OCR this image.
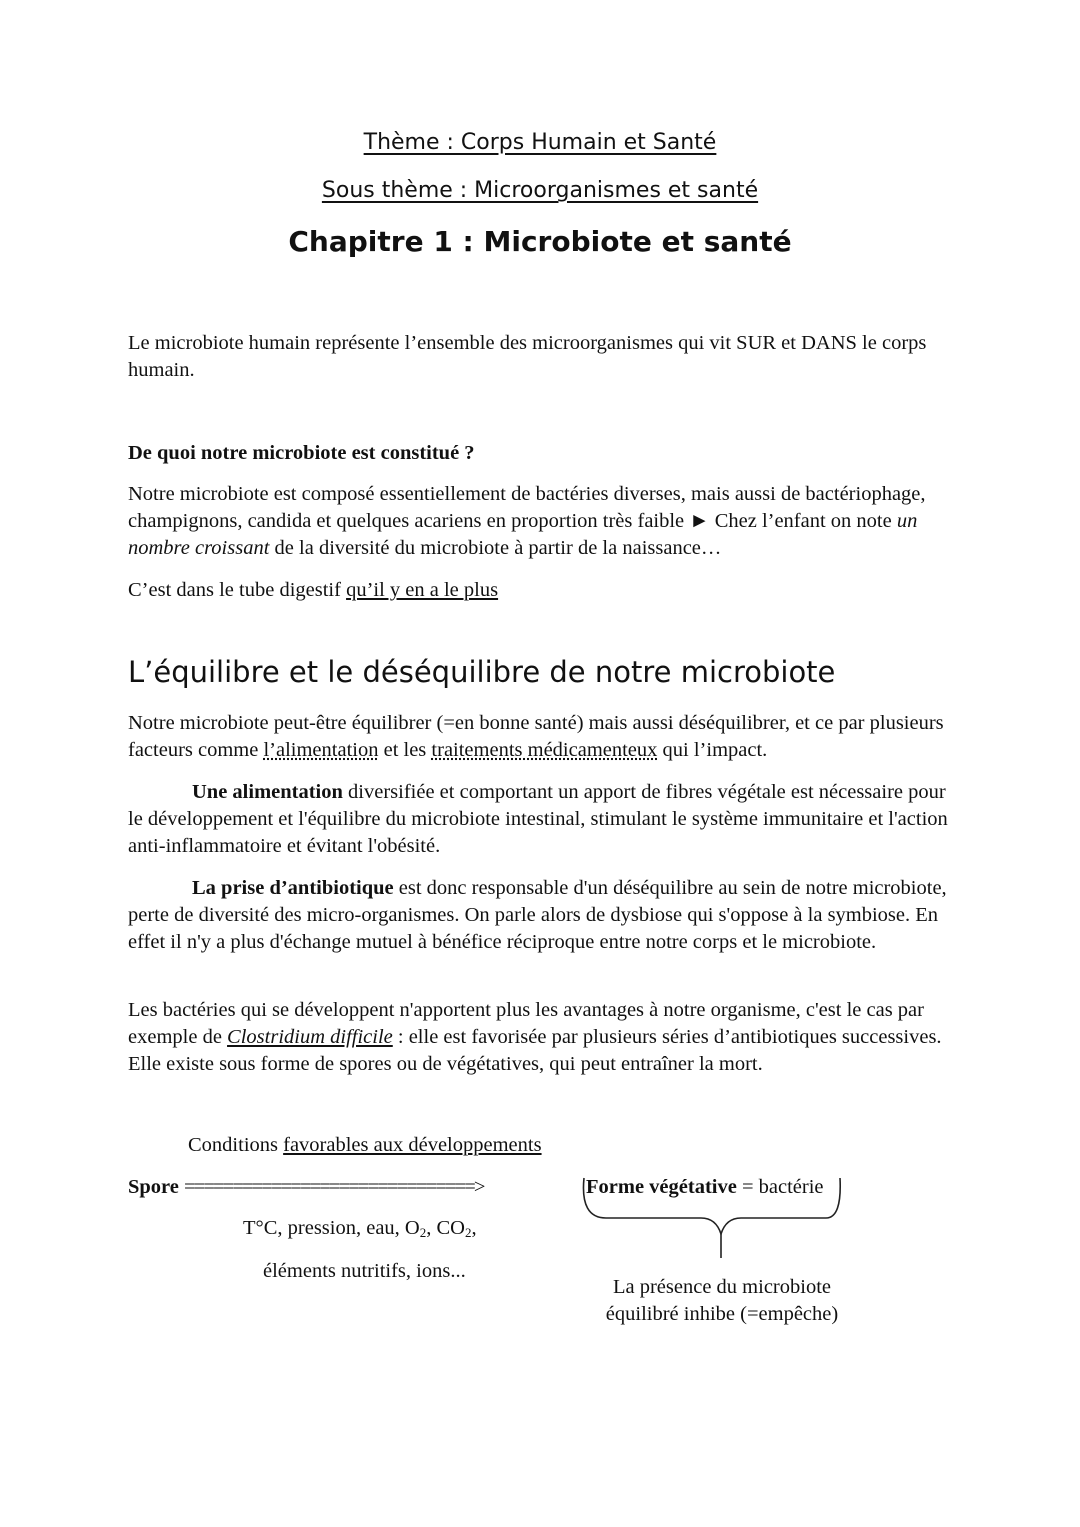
Thème : Corps Humain et Santé
Sous thème : Microorganismes et santé
Chapitre 1 : Microbiote et santé

Le microbiote humain représente l’ensemble des microorganismes qui vit SUR et DANS le corps humain.

De quoi notre microbiote est constitué ?

Notre microbiote est composé essentiellement de bactéries diverses, mais aussi de bactériophage, champignons, candida et quelques acariens en proportion très faible ► Chez l’enfant on note un nombre croissant de la diversité du microbiote à partir de la naissance…

C’est dans le tube digestif qu’il y en a le plus

L’équilibre et le déséquilibre de notre microbiote

Notre microbiote peut-être équilibrer (=en bonne santé) mais aussi déséquilibrer, et ce par plusieurs facteurs comme l’alimentation et les traitements médicamenteux qui l’impact.

Une alimentation diversifiée et comportant un apport de fibres végétale est nécessaire pour le développement et l'équilibre du microbiote intestinal, stimulant le système immunitaire et l'action anti-inflammatoire et évitant l'obésité.

La prise d’antibiotique est donc responsable d'un déséquilibre au sein de notre microbiote, perte de diversité des micro-organismes. On parle alors de dysbiose qui s'oppose à la symbiose. En effet il n'y a plus d'échange mutuel à bénéfice réciproque entre notre corps et le microbiote.

Les bactéries qui se développent n'apportent plus les avantages à notre organisme, c'est le cas par exemple de Clostridium difficile : elle est favorisée par plusieurs séries d’antibiotiques successives. Elle existe sous forme de spores ou de végétatives, qui peut entraîner la mort.

Conditions favorables aux développements
Spore ==============================>	Forme végétative = bactérie
T°C, pression, eau, $O_2$, $CO_2$,
éléments nutritifs, ions...
La présence du microbiote
équilibré inhibe (=empêche)
